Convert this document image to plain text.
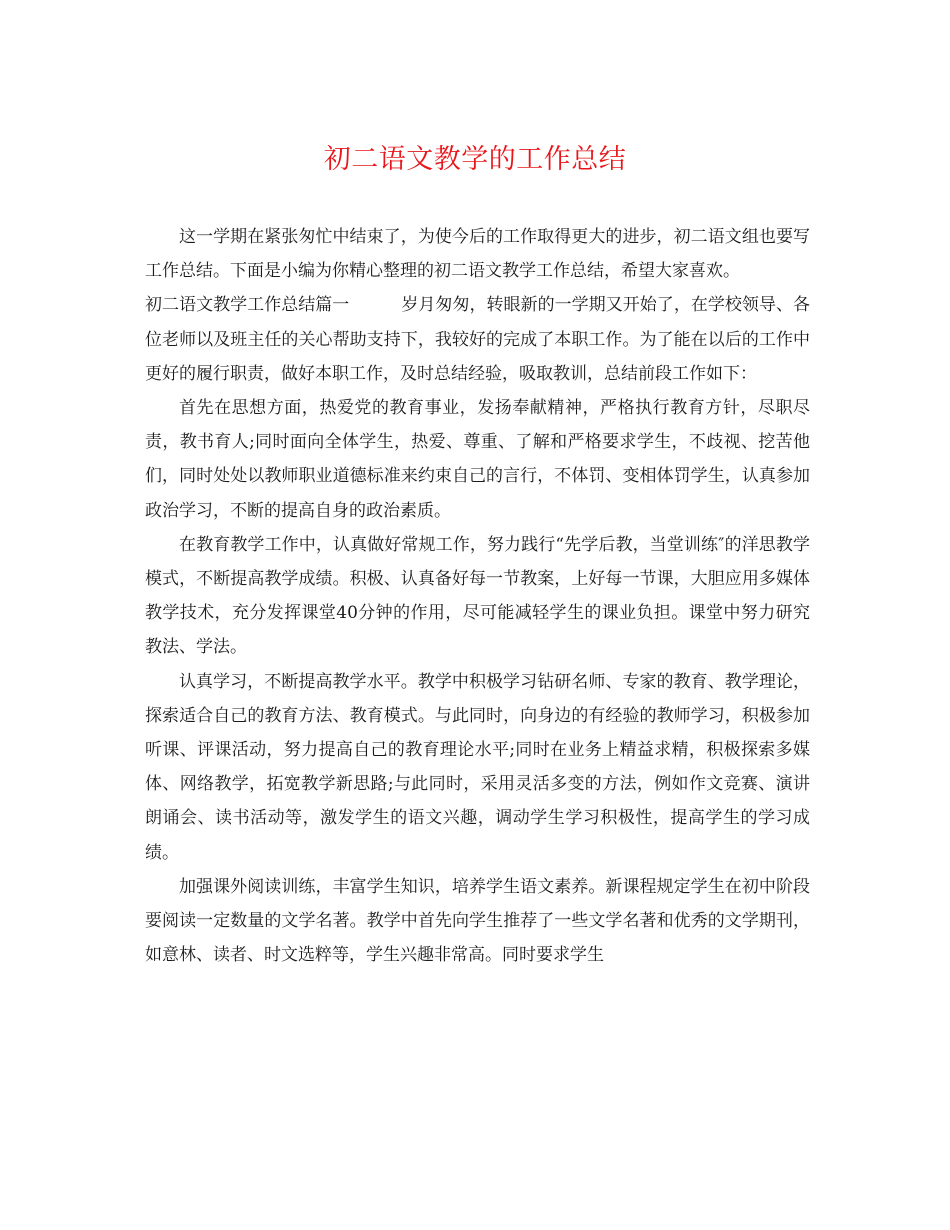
初二语文教学的工作总结

这一学期在紧张匆忙中结束了，为使今后的工作取得更大的进步，初二语文组也要写工作总结。下面是小编为你精心整理的初二语文教学工作总结，希望大家喜欢。

初二语文教学工作总结篇一	岁月匆匆，转眼新的一学期又开始了，在学校领导、各位老师以及班主任的关心帮助支持下，我较好的完成了本职工作。为了能在以后的工作中更好的履行职责，做好本职工作，及时总结经验，吸取教训，总结前段工作如下：

首先在思想方面，热爱党的教育事业，发扬奉献精神，严格执行教育方针，尽职尽责，教书育人;同时面向全体学生，热爱、尊重、了解和严格要求学生，不歧视、挖苦他们，同时处处以教师职业道德标准来约束自己的言行，不体罚、变相体罚学生，认真参加政治学习，不断的提高自身的政治素质。

在教育教学工作中，认真做好常规工作，努力践行“先学后教，当堂训练″的洋思教学模式，不断提高教学成绩。积极、认真备好每一节教案，上好每一节课，大胆应用多媒体教学技术，充分发挥课堂40分钟的作用，尽可能减轻学生的课业负担。课堂中努力研究教法、学法。

认真学习，不断提高教学水平。教学中积极学习钻研名师、专家的教育、教学理论，探索适合自己的教育方法、教育模式。与此同时，向身边的有经验的教师学习，积极参加听课、评课活动，努力提高自己的教育理论水平;同时在业务上精益求精，积极探索多媒体、网络教学，拓宽教学新思路;与此同时，采用灵活多变的方法，例如作文竞赛、演讲朗诵会、读书活动等，激发学生的语文兴趣，调动学生学习积极性，提高学生的学习成绩。

加强课外阅读训练，丰富学生知识，培养学生语文素养。新课程规定学生在初中阶段要阅读一定数量的文学名著。教学中首先向学生推荐了一些文学名著和优秀的文学期刊，如意林、读者、时文选粹等，学生兴趣非常高。同时要求学生
